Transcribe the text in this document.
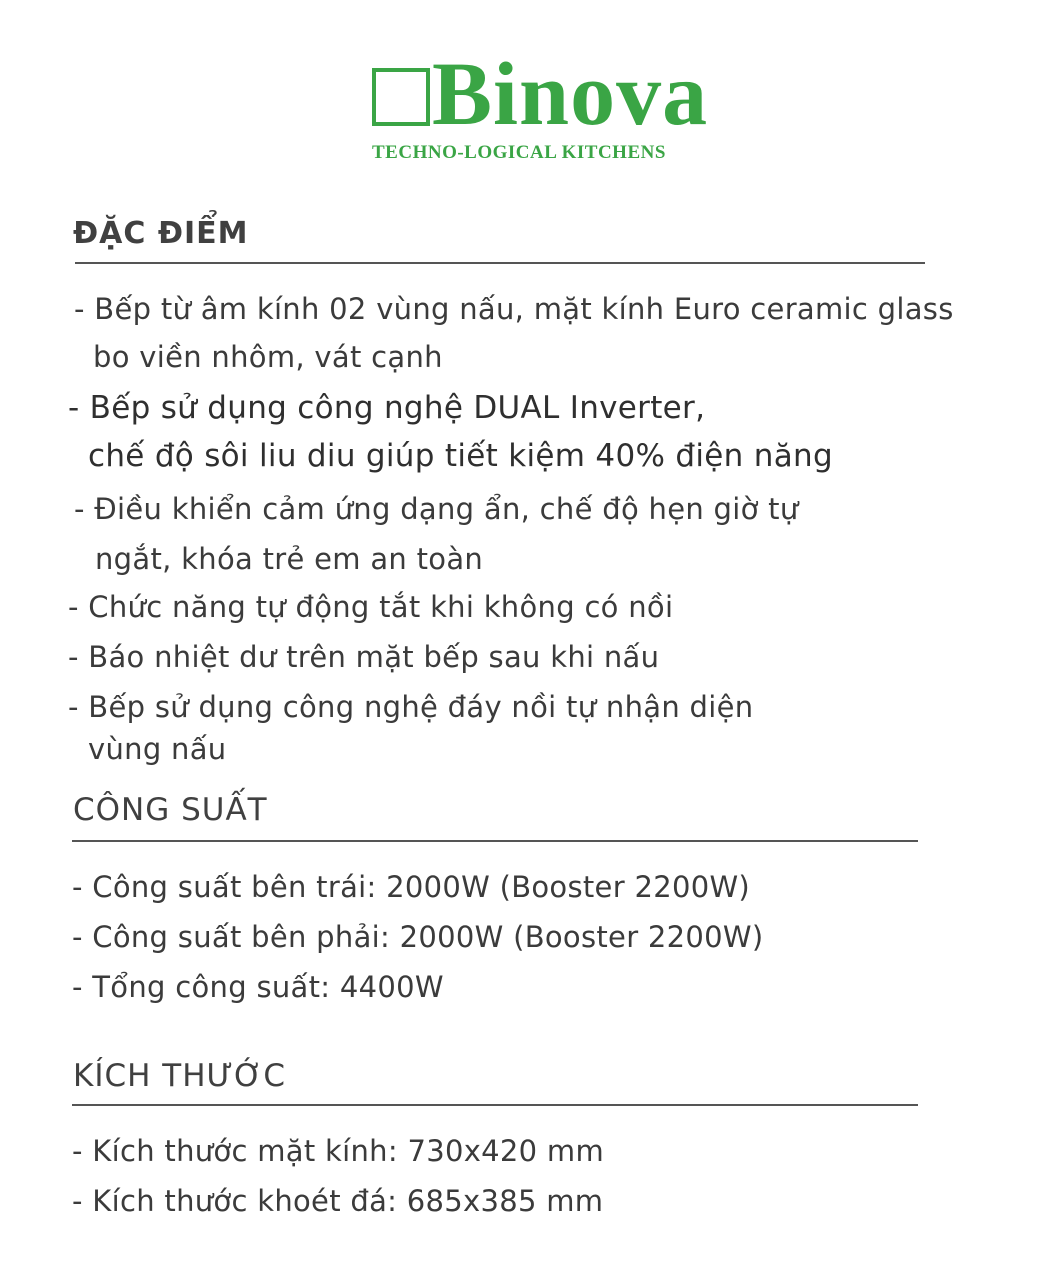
Binova
TECHNO-LOGICAL KITCHENS
ĐẶC ĐIỂM
- Bếp từ âm kính 02 vùng nấu, mặt kính Euro ceramic glass
bo viền nhôm, vát cạnh
- Bếp sử dụng công nghệ DUAL Inverter,
chế độ sôi liu diu giúp tiết kiệm 40% điện năng
- Điều khiển cảm ứng dạng ẩn, chế độ hẹn giờ tự
ngắt, khóa trẻ em an toàn
- Chức năng tự động tắt khi không có nồi
- Báo nhiệt dư trên mặt bếp sau khi nấu
- Bếp sử dụng công nghệ đáy nồi tự nhận diện
vùng nấu
CÔNG SUẤT
- Công suất bên trái: 2000W (Booster 2200W)
- Công suất bên phải: 2000W (Booster 2200W)
- Tổng công suất: 4400W
KÍCH THƯỚC
- Kích thước mặt kính: 730x420 mm
- Kích thước khoét đá: 685x385 mm
